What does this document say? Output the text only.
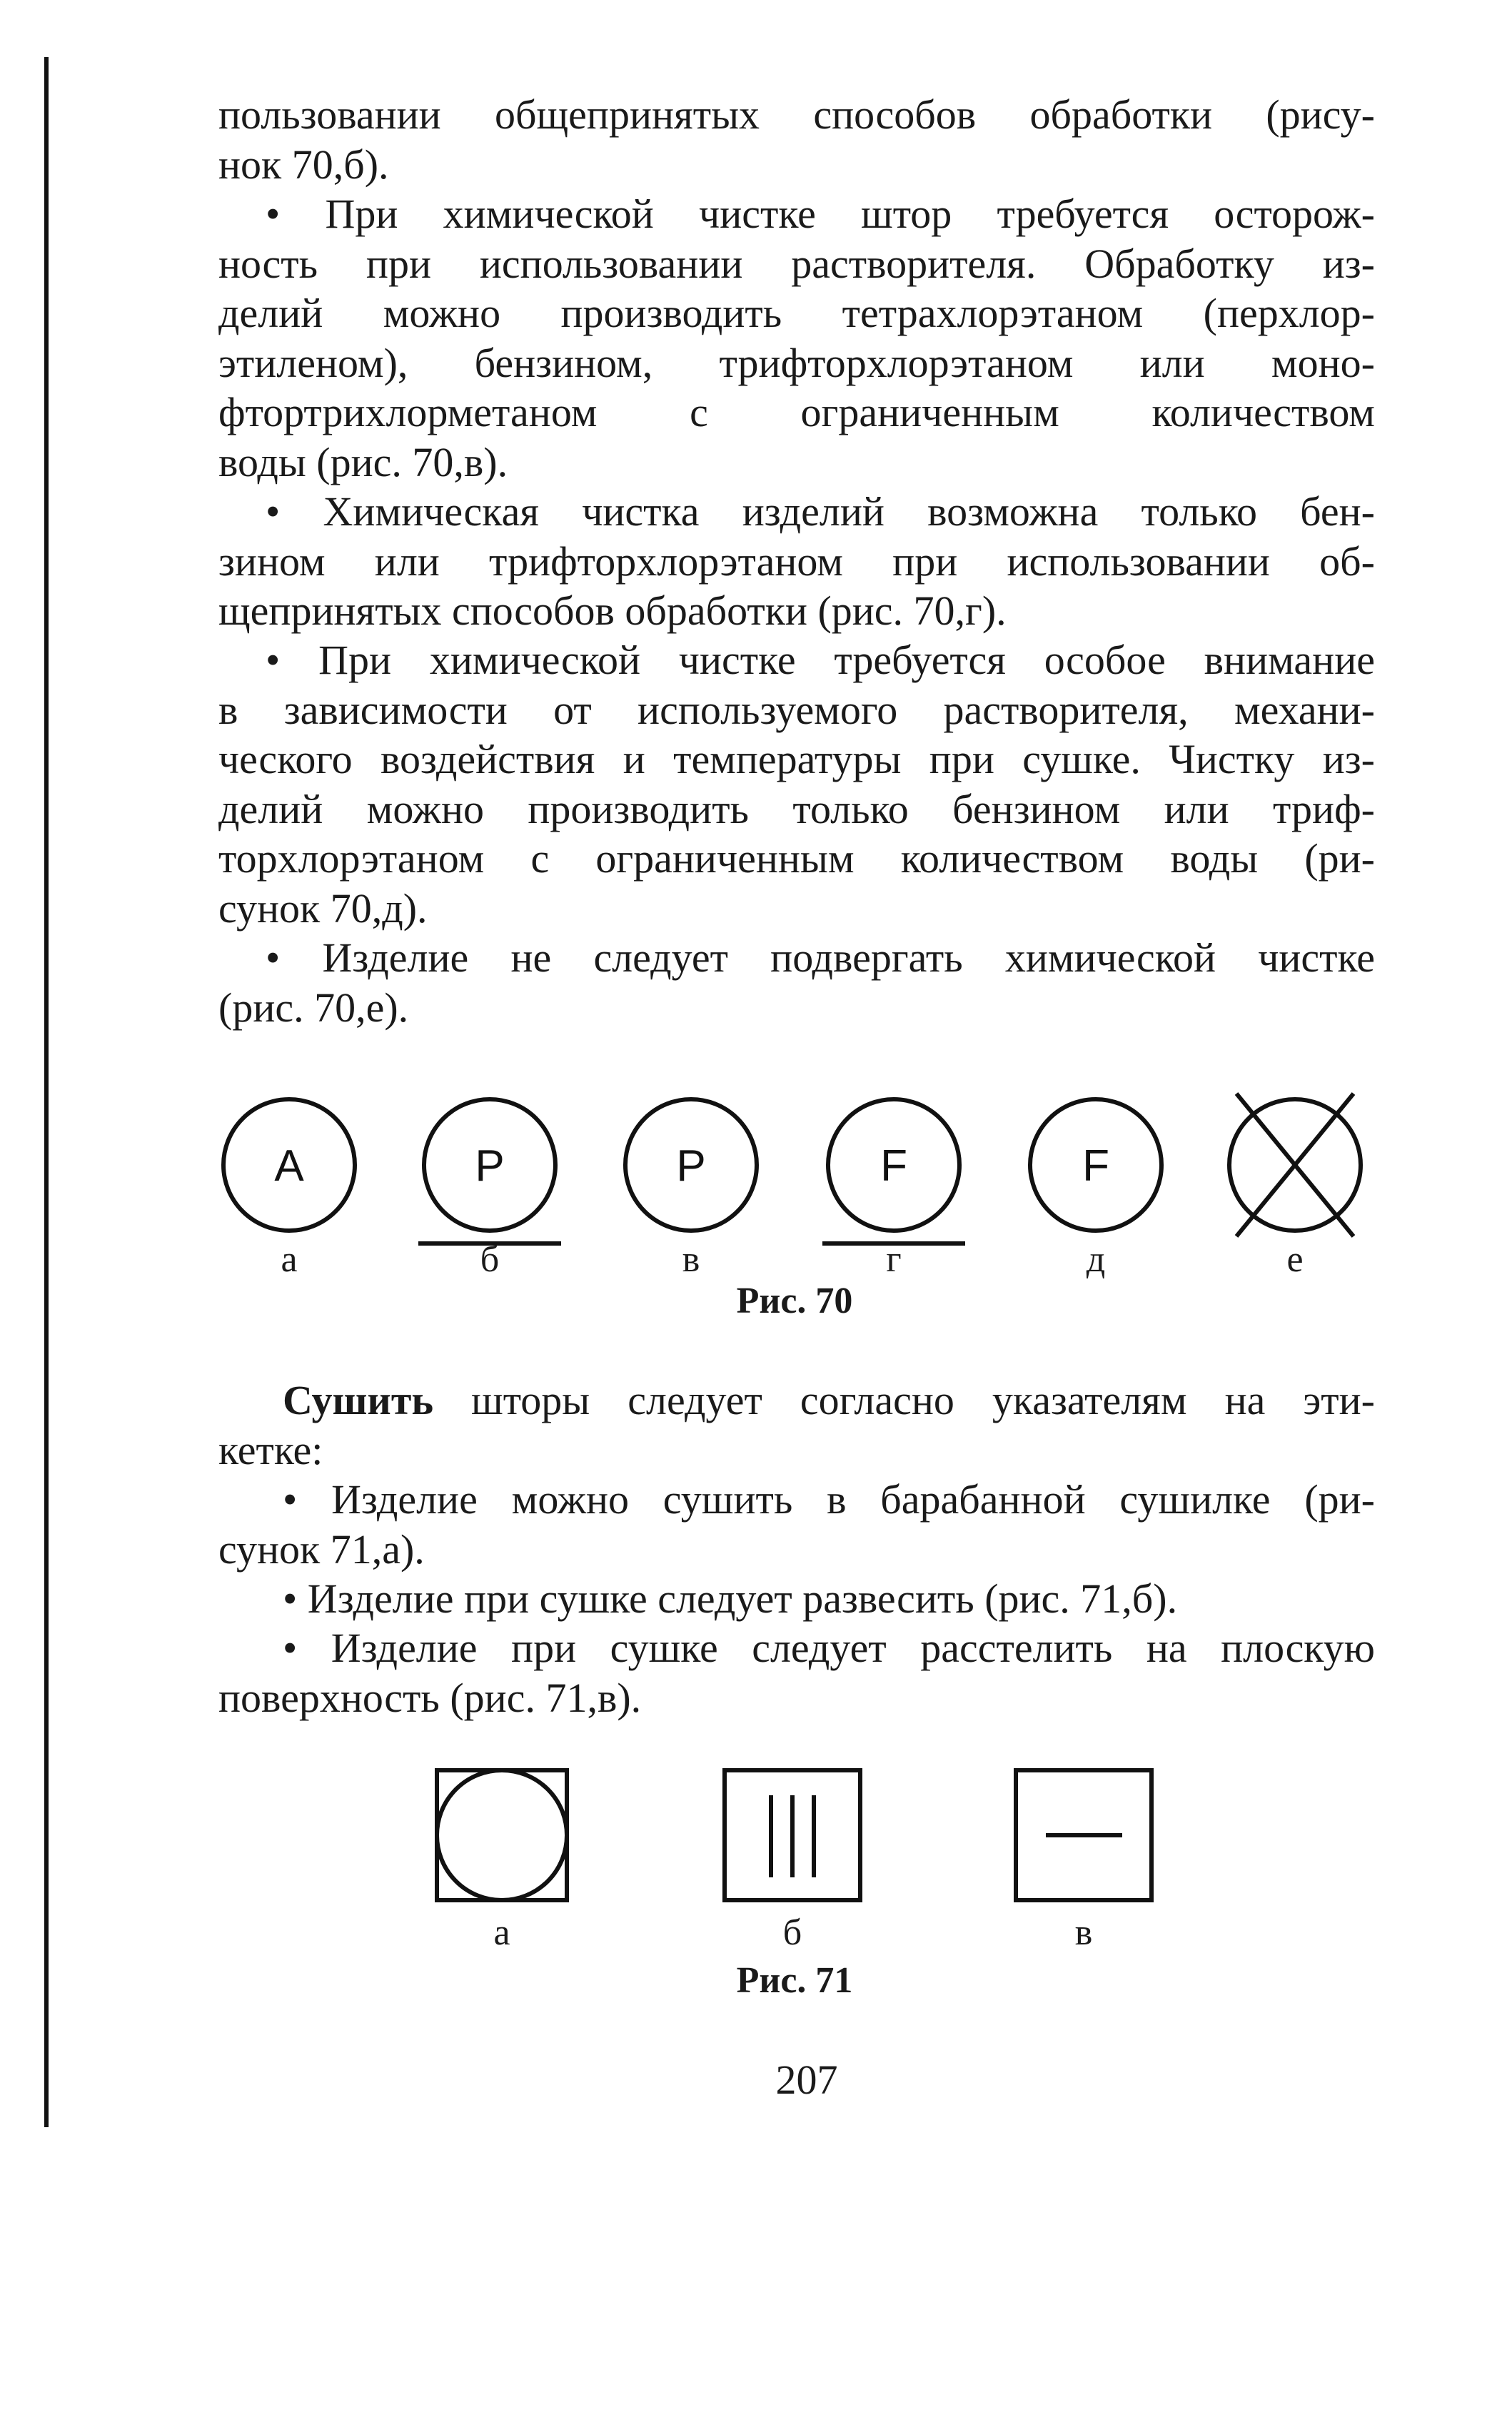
пользовании общепринятых способов обработки (рису-
нок 70,б).
• При химической чистке штор требуется осторож-
ность при использовании растворителя. Обработку из-
делий можно производить тетрахлорэтаном (перхлор-
этиленом), бензином, трифторхлорэтаном или моно-
фтортрихлорметаном с ограниченным количеством
воды (рис. 70,в).
• Химическая чистка изделий возможна только бен-
зином или трифторхлорэтаном при использовании об-
щепринятых способов обработки (рис. 70,г).
• При химической чистке требуется особое внимание
в зависимости от используемого растворителя, механи-
ческого воздействия и температуры при сушке. Чистку из-
делий можно производить только бензином или триф-
торхлорэтаном с ограниченным количеством воды (ри-
сунок 70,д).
• Изделие не следует подвергать химической чистке
(рис. 70,е).
A	P	P	F	F
а	б	в	г	д	е
Рис. 70
Сушить шторы следует согласно указателям на эти-
кетке:
• Изделие можно сушить в барабанной сушилке (ри-
сунок 71,а).
• Изделие при сушке следует развесить (рис. 71,б).
• Изделие при сушке следует расстелить на плоскую
поверхность (рис. 71,в).
а	б	в
Рис. 71
207
